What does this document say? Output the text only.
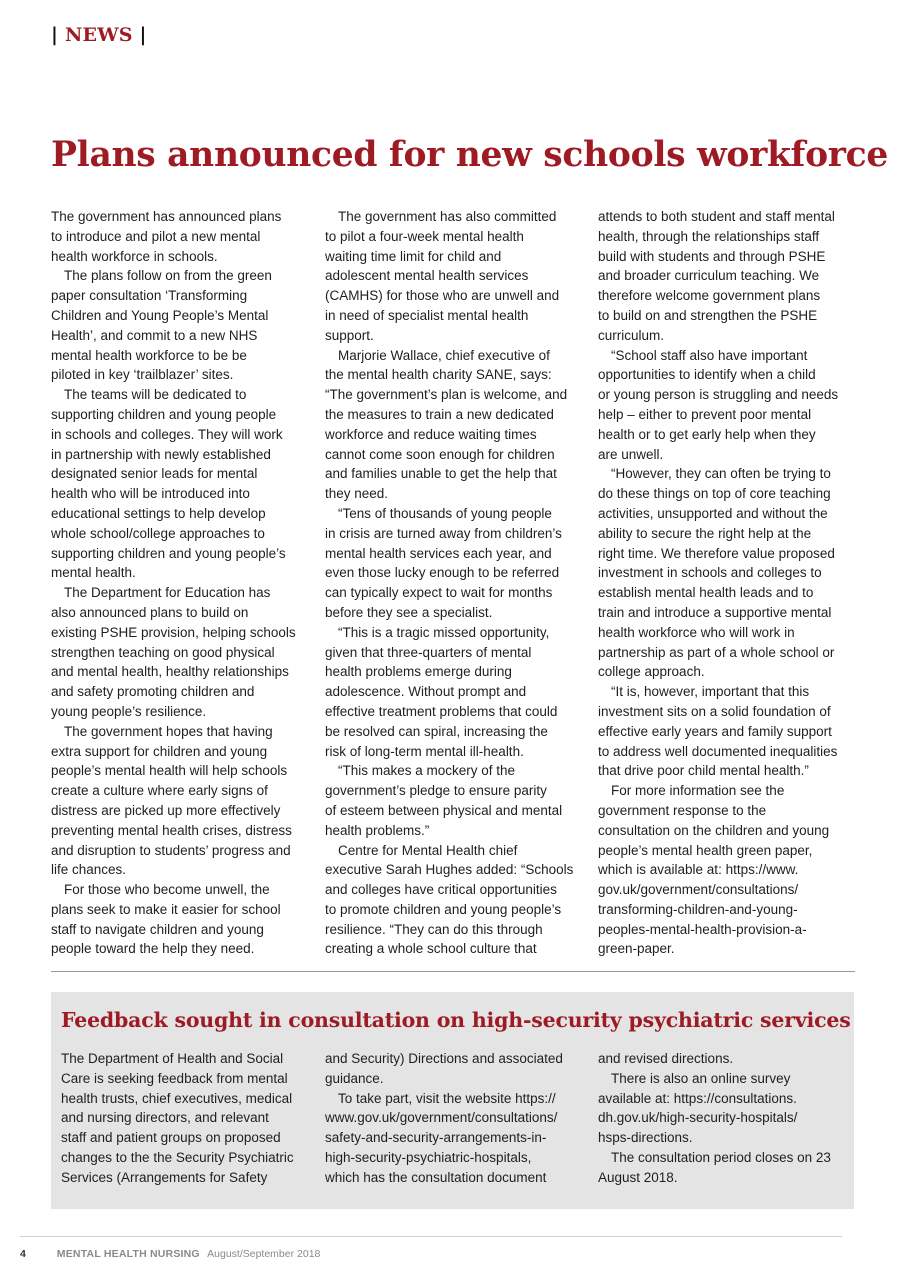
| NEWS |
Plans announced for new schools workforce

The government has announced plans

to introduce and pilot a new mental

health workforce in schools.

The plans follow on from the green

paper consultation ‘Transforming

Children and Young People’s Mental

Health’, and commit to a new NHS

mental health workforce to be be

piloted in key ‘trailblazer’ sites.

The teams will be dedicated to

supporting children and young people

in schools and colleges. They will work

in partnership with newly established

designated senior leads for mental

health who will be introduced into

educational settings to help develop

whole school/college approaches to

supporting children and young people’s

mental health.

The Department for Education has

also announced plans to build on

existing PSHE provision, helping schools

strengthen teaching on good physical

and mental health, healthy relationships

and safety promoting children and

young people’s resilience.

The government hopes that having

extra support for children and young

people’s mental health will help schools

create a culture where early signs of

distress are picked up more effectively

preventing mental health crises, distress

and disruption to students’ progress and

life chances.

For those who become unwell, the

plans seek to make it easier for school

staff to navigate children and young

people toward the help they need.

The government has also committed

to pilot a four-week mental health

waiting time limit for child and

adolescent mental health services

(CAMHS) for those who are unwell and

in need of specialist mental health

support.

Marjorie Wallace, chief executive of

the mental health charity SANE, says:

“The government’s plan is welcome, and

the measures to train a new dedicated

workforce and reduce waiting times

cannot come soon enough for children

and families unable to get the help that

they need.

“Tens of thousands of young people

in crisis are turned away from children’s

mental health services each year, and

even those lucky enough to be referred

can typically expect to wait for months

before they see a specialist.

“This is a tragic missed opportunity,

given that three-quarters of mental

health problems emerge during

adolescence. Without prompt and

effective treatment problems that could

be resolved can spiral, increasing the

risk of long-term mental ill-health.

“This makes a mockery of the

government’s pledge to ensure parity

of esteem between physical and mental

health problems.”

Centre for Mental Health chief

executive Sarah Hughes added: “Schools

and colleges have critical opportunities

to promote children and young people’s

resilience. “They can do this through

creating a whole school culture that

attends to both student and staff mental

health, through the relationships staff

build with students and through PSHE

and broader curriculum teaching. We

therefore welcome government plans

to build on and strengthen the PSHE

curriculum.

“School staff also have important

opportunities to identify when a child

or young person is struggling and needs

help – either to prevent poor mental

health or to get early help when they

are unwell.

“However, they can often be trying to

do these things on top of core teaching

activities, unsupported and without the

ability to secure the right help at the

right time. We therefore value proposed

investment in schools and colleges to

establish mental health leads and to

train and introduce a supportive mental

health workforce who will work in

partnership as part of a whole school or

college approach.

“It is, however, important that this

investment sits on a solid foundation of

effective early years and family support

to address well documented inequalities

that drive poor child mental health.”

For more information see the

government response to the

consultation on the children and young

people’s mental health green paper,

which is available at: https://www.

gov.uk/government/consultations/

transforming-children-and-young-

peoples-mental-health-provision-a-

green-paper.

Feedback sought in consultation on high-security psychiatric services

The Department of Health and Social

Care is seeking feedback from mental

health trusts, chief executives, medical

and nursing directors, and relevant

staff and patient groups on proposed

changes to the the Security Psychiatric

Services (Arrangements for Safety

and Security) Directions and associated

guidance.

To take part, visit the website https://

www.gov.uk/government/consultations/

safety-and-security-arrangements-in-

high-security-psychiatric-hospitals,

which has the consultation document

and revised directions.

There is also an online survey

available at: https://consultations.

dh.gov.uk/high-security-hospitals/

hsps-directions.

The consultation period closes on 23

August 2018.

4	MENTAL HEALTH NURSING August/September 2018
